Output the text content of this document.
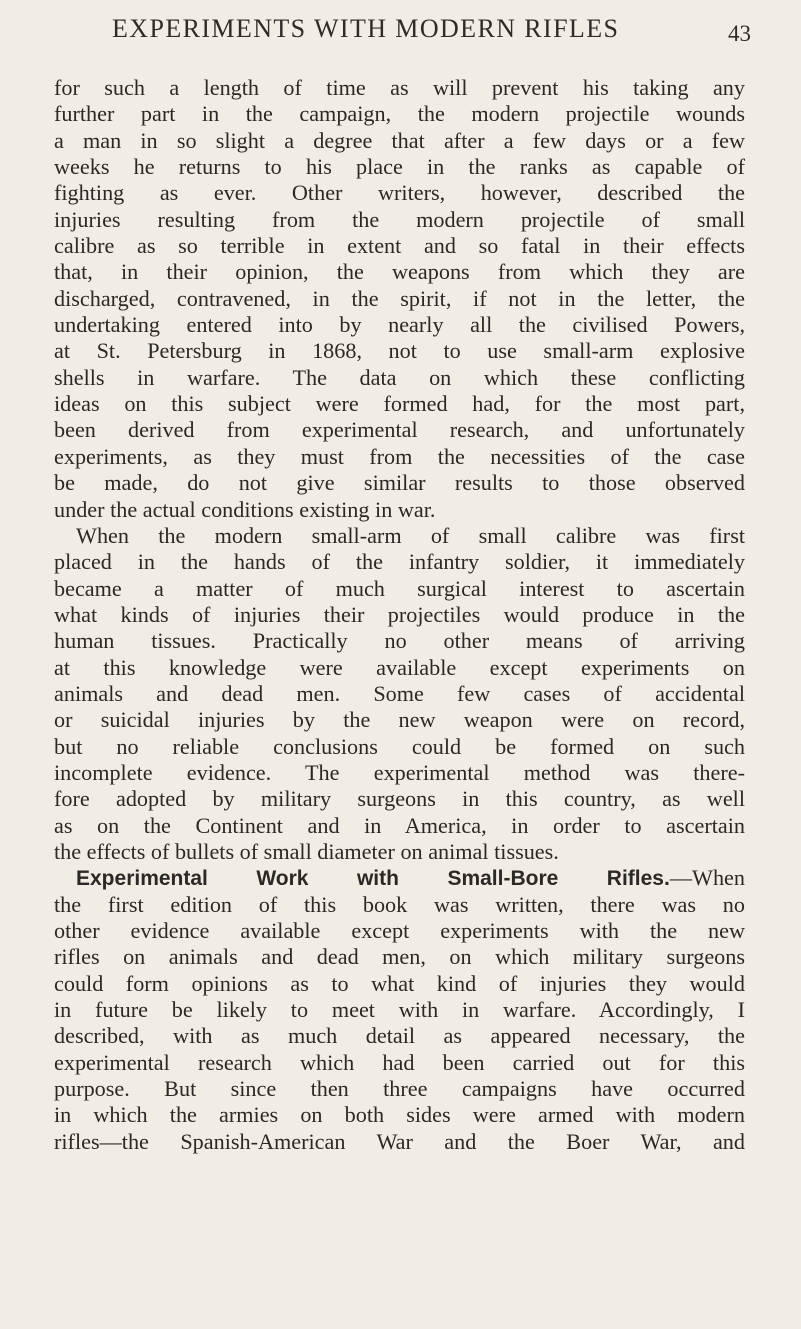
EXPERIMENTS WITH MODERN RIFLES	43
for such a length of time as will prevent his taking any
further part in the campaign, the modern projectile wounds
a man in so slight a degree that after a few days or a few
weeks he returns to his place in the ranks as capable of
fighting as ever. Other writers, however, described the
injuries resulting from the modern projectile of small
calibre as so terrible in extent and so fatal in their effects
that, in their opinion, the weapons from which they are
discharged, contravened, in the spirit, if not in the letter, the
undertaking entered into by nearly all the civilised Powers,
at St. Petersburg in 1868, not to use small-arm explosive
shells in warfare. The data on which these conflicting
ideas on this subject were formed had, for the most part,
been derived from experimental research, and unfortunately
experiments, as they must from the necessities of the case
be made, do not give similar results to those observed
under the actual conditions existing in war.
When the modern small-arm of small calibre was first
placed in the hands of the infantry soldier, it immediately
became a matter of much surgical interest to ascertain
what kinds of injuries their projectiles would produce in the
human tissues. Practically no other means of arriving
at this knowledge were available except experiments on
animals and dead men. Some few cases of accidental
or suicidal injuries by the new weapon were on record,
but no reliable conclusions could be formed on such
incomplete evidence. The experimental method was there-
fore adopted by military surgeons in this country, as well
as on the Continent and in America, in order to ascertain
the effects of bullets of small diameter on animal tissues.
Experimental Work with Small-Bore Rifles.—When
the first edition of this book was written, there was no
other evidence available except experiments with the new
rifles on animals and dead men, on which military surgeons
could form opinions as to what kind of injuries they would
in future be likely to meet with in warfare. Accordingly, I
described, with as much detail as appeared necessary, the
experimental research which had been carried out for this
purpose. But since then three campaigns have occurred
in which the armies on both sides were armed with modern
rifles—the Spanish-American War and the Boer War, and
